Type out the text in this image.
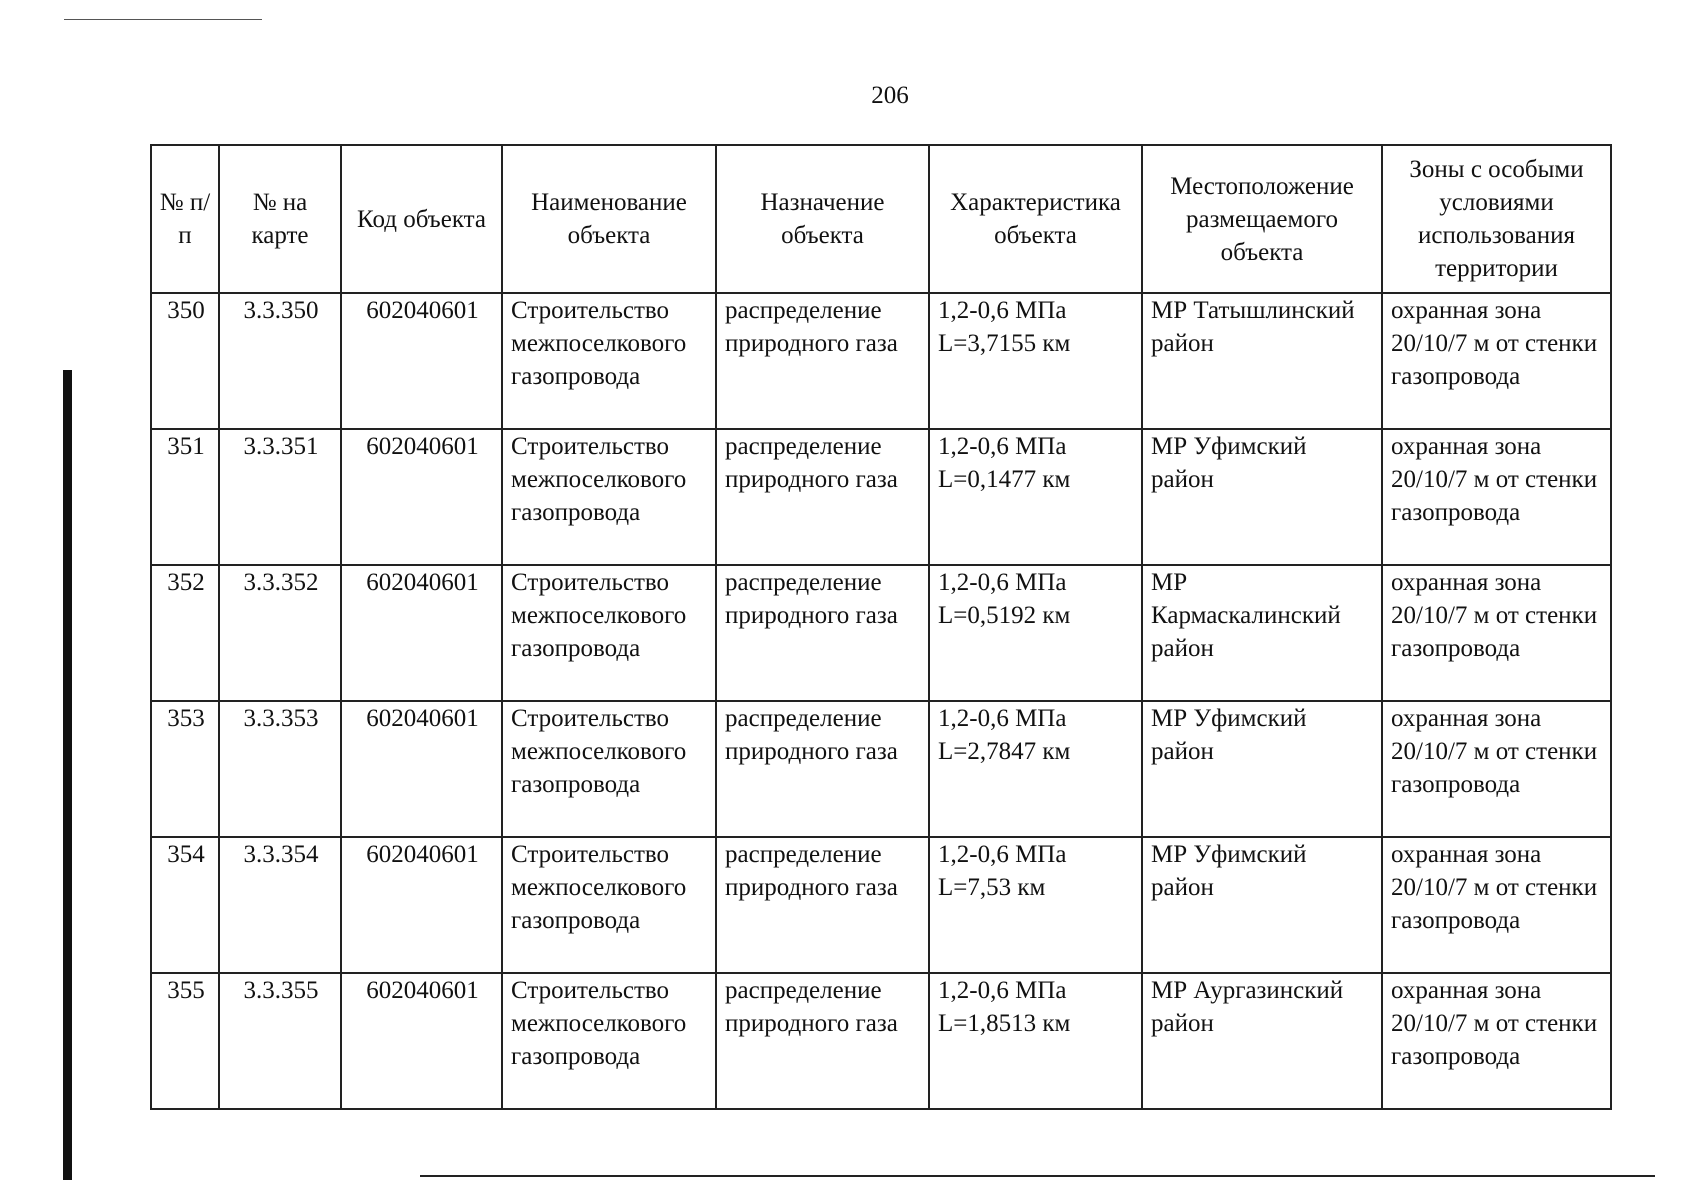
206
№ п/п	№ на карте	Код объекта	Наименование объекта	Назначение объекта	Характеристика объекта	Местоположение размещаемого объекта	Зоны с особыми условиями использования территории
350	3.3.350	602040601	Строительство межпоселкового газопровода	распределение природного газа	1,2-0,6 МПа L=3,7155 км	МР Татышлинский район	охранная зона 20/10/7 м от стенки газопровода
351	3.3.351	602040601	Строительство межпоселкового газопровода	распределение природного газа	1,2-0,6 МПа L=0,1477 км	МР Уфимский район	охранная зона 20/10/7 м от стенки газопровода
352	3.3.352	602040601	Строительство межпоселкового газопровода	распределение природного газа	1,2-0,6 МПа L=0,5192 км	МР Кармаскалинский район	охранная зона 20/10/7 м от стенки газопровода
353	3.3.353	602040601	Строительство межпоселкового газопровода	распределение природного газа	1,2-0,6 МПа L=2,7847 км	МР Уфимский район	охранная зона 20/10/7 м от стенки газопровода
354	3.3.354	602040601	Строительство межпоселкового газопровода	распределение природного газа	1,2-0,6 МПа L=7,53 км	МР Уфимский район	охранная зона 20/10/7 м от стенки газопровода
355	3.3.355	602040601	Строительство межпоселкового газопровода	распределение природного газа	1,2-0,6 МПа L=1,8513 км	МР Аургазинский район	охранная зона 20/10/7 м от стенки газопровода
